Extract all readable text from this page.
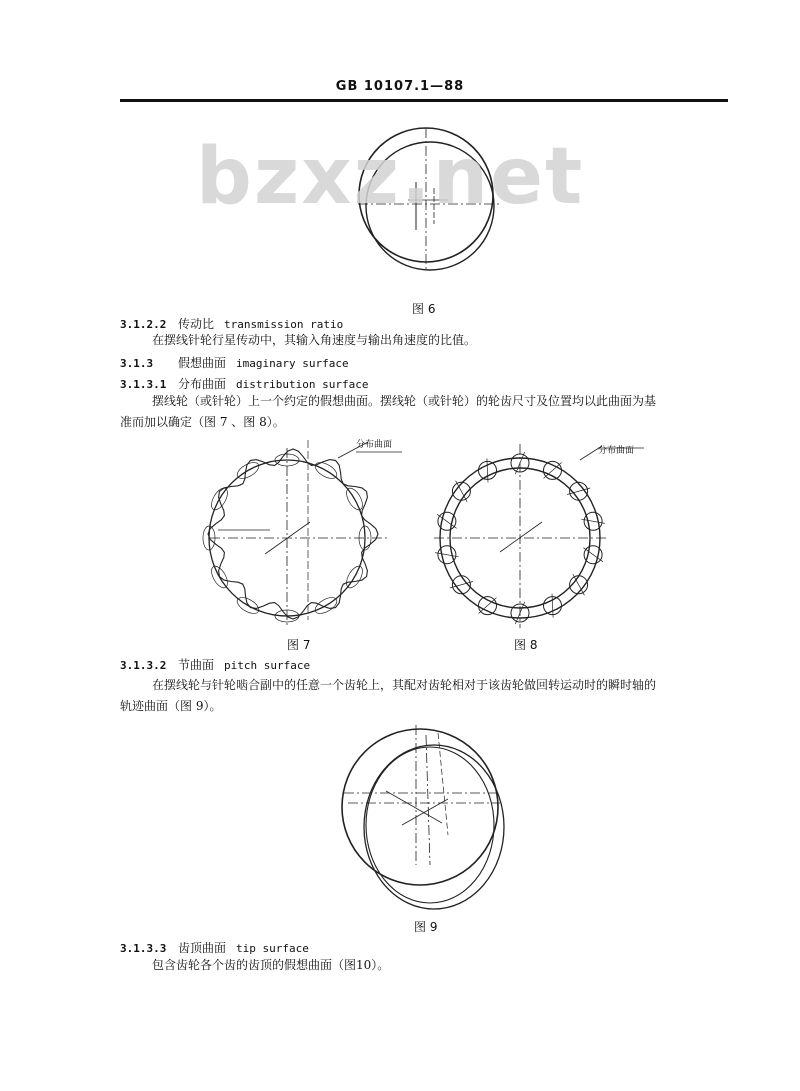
GB 10107.1—88
图 6
bzxz.net
3.1.2.2 传动比 transmission ratio
在摆线针轮行星传动中，其输入角速度与输出角速度的比值。
3.1.3 假想曲面 imaginary surface
3.1.3.1 分布曲面 distribution surface
摆线轮（或针轮）上一个约定的假想曲面。摆线轮（或针轮）的轮齿尺寸及位置均以此曲面为基
准而加以确定（图 7 、图 8）。
分布曲面
图 7
分布曲面
图 8
3.1.3.2 节曲面 pitch surface
在摆线轮与针轮啮合副中的任意一个齿轮上，其配对齿轮相对于该齿轮做回转运动时的瞬时轴的
轨迹曲面（图 9）。
图 9
3.1.3.3 齿顶曲面 tip surface
包含齿轮各个齿的齿顶的假想曲面（图10）。
